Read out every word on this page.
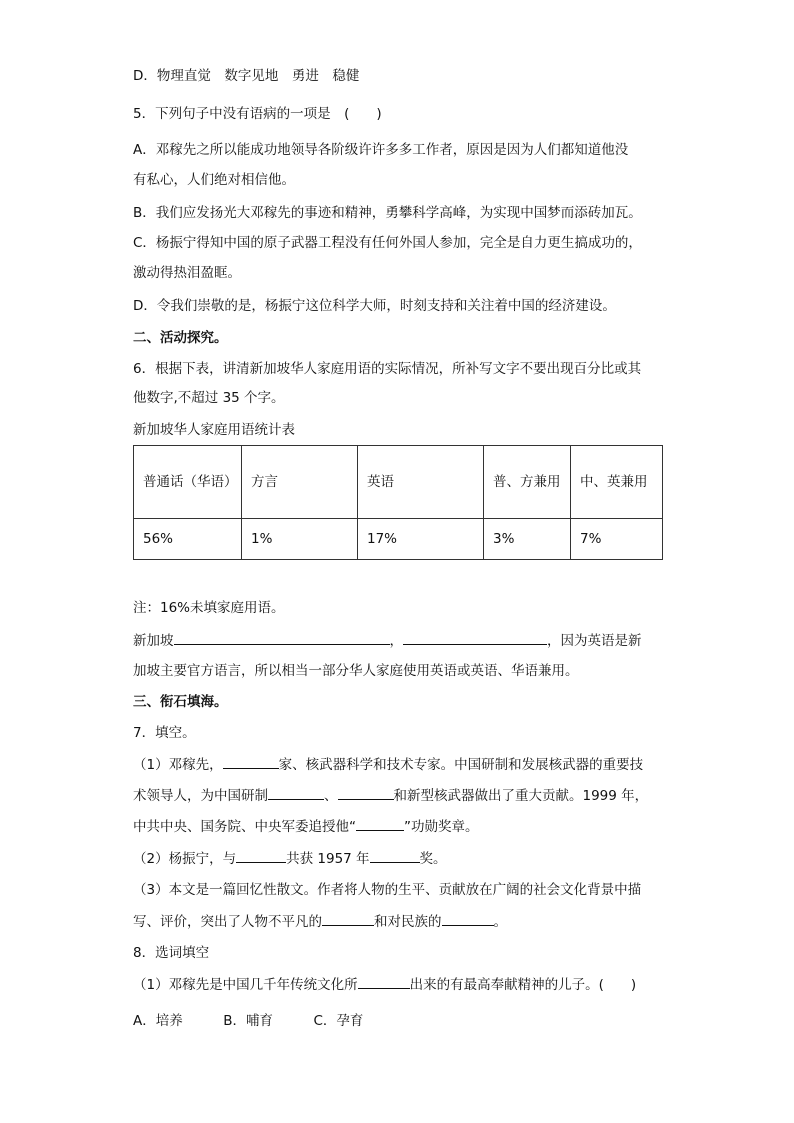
D．物理直觉　数字见地　勇进　稳健
5．下列句子中没有语病的一项是　(　　)
A．邓稼先之所以能成功地领导各阶级许许多多工作者，原因是因为人们都知道他没
有私心，人们绝对相信他。
B．我们应发扬光大邓稼先的事迹和精神，勇攀科学高峰，为实现中国梦而添砖加瓦。
C．杨振宁得知中国的原子武器工程没有任何外国人参加，完全是自力更生搞成功的，
激动得热泪盈眶。
D．令我们崇敬的是，杨振宁这位科学大师，时刻支持和关注着中国的经济建设。
二、活动探究。
6．根据下表，讲清新加坡华人家庭用语的实际情况，所补写文字不要出现百分比或其
他数字,不超过 35 个字。
新加坡华人家庭用语统计表
普通话（华语）	方言	英语	普、方兼用	中、英兼用
56%	1%	17%	3%	7%
注：16%未填家庭用语。
新加坡	，	，因为英语是新
加坡主要官方语言，所以相当一部分华人家庭使用英语或英语、华语兼用。
三、衔石填海。
7．填空。
（1）邓稼先，	家、核武器科学和技术专家。中国研制和发展核武器的重要技
术领导人，为中国研制	、	和新型核武器做出了重大贡献。1999 年，
中共中央、国务院、中央军委追授他“	”功勋奖章。
（2）杨振宁，与	共获 1957 年	奖。
（3）本文是一篇回忆性散文。作者将人物的生平、贡献放在广阔的社会文化背景中描
写、评价，突出了人物不平凡的	和对民族的	。
8．选词填空
（1）邓稼先是中国几千年传统文化所	出来的有最高奉献精神的儿子。(　　)
A．培养　　　B．哺育　　　C．孕育
